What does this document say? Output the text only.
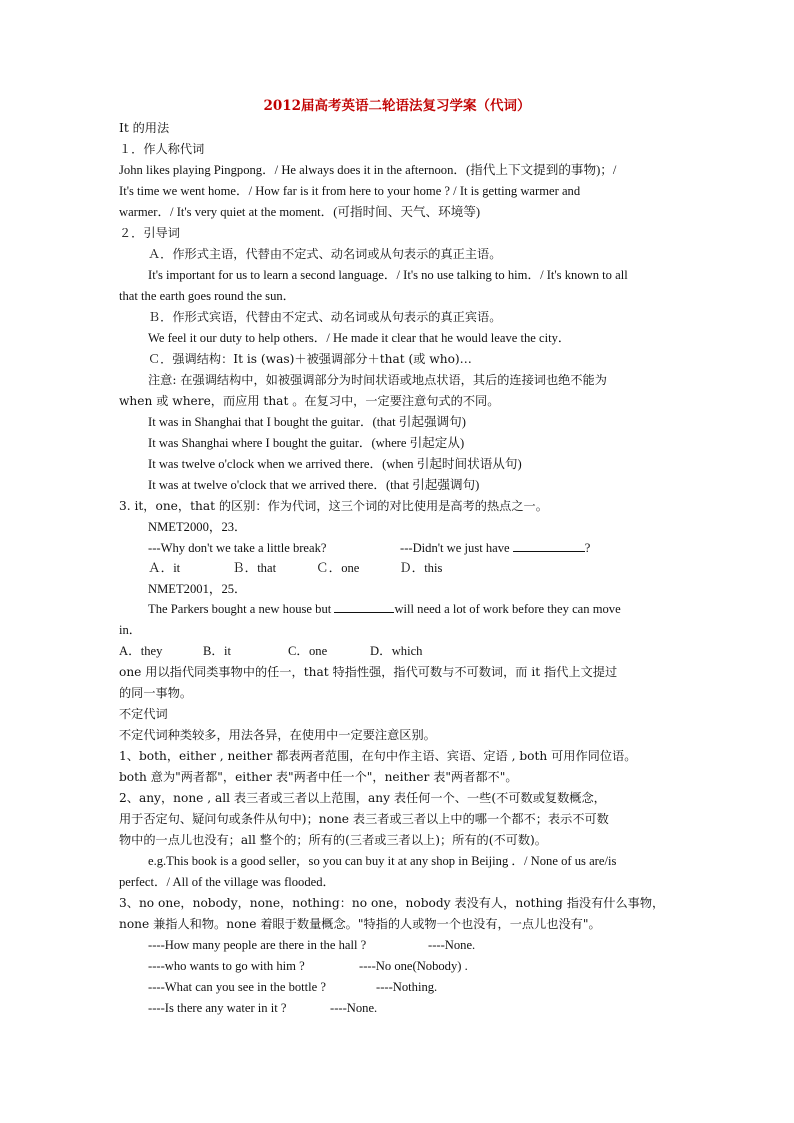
2012届高考英语二轮语法复习学案（代词）
It 的用法
１．作人称代词
John likes playing Pingpong．/ He always does it in the afternoon．(指代上下文提到的事物)；/
It's time we went home．/ How far is it from here to your home ? / It is getting warmer and
warmer．/ It's very quiet at the moment．(可指时间、天气、环境等)
２．引导词
Ａ．作形式主语，代替由不定式、动名词或从句表示的真正主语。
It's important for us to learn a second language．/ It's no use talking to him．/ It's known to all
that the earth goes round the sun．
Ｂ．作形式宾语，代替由不定式、动名词或从句表示的真正宾语。
We feel it our duty to help others．/ He made it clear that he would leave the city．
Ｃ．强调结构：It is (was)＋被强调部分＋that (或 who)…
注意: 在强调结构中，如被强调部分为时间状语或地点状语，其后的连接词也绝不能为
when 或 where，而应用 that 。在复习中，一定要注意句式的不同。
It was in Shanghai that I bought the guitar．(that 引起强调句)
It was Shanghai where I bought the guitar．(where 引起定从)
It was twelve o'clock when we arrived there．(when 引起时间状语从句)
It was at twelve o'clock that we arrived there．(that 引起强调句)
3. it，one，that 的区别：作为代词，这三个词的对比使用是高考的热点之一。
NMET2000，23．
---Why don't we take a little break?	---Didn't we just have	?
Ａ．it	Ｂ．that	Ｃ．one	Ｄ．this
NMET2001，25．
The Parkers bought a new house but	will need a lot of work before they can move
in．
A．they	B．it	C．one	D．which
one 用以指代同类事物中的任一，that 特指性强，指代可数与不可数词，而 it 指代上文提过
的同一事物。
不定代词
不定代词种类较多，用法各异，在使用中一定要注意区别。
1、both，either , neither 都表两者范围，在句中作主语、宾语、定语 , both 可用作同位语。
both 意为"两者都"，either 表"两者中任一个"，neither 表"两者都不"。
2、any，none , all 表三者或三者以上范围，any 表任何一个、一些(不可数或复数概念，
用于否定句、疑问句或条件从句中)；none 表三者或三者以上中的哪一个都不；表示不可数
物中的一点儿也没有；all 整个的；所有的(三者或三者以上)；所有的(不可数)。
e.g.This book is a good seller，so you can buy it at any shop in Beijing ．/ None of us are/is
perfect．/ All of the village was flooded．
3、no one，nobody，none，nothing：no one，nobody 表没有人，nothing 指没有什么事物，
none 兼指人和物。none 着眼于数量概念。"特指的人或物一个也没有，一点儿也没有"。
----How many people are there in the hall ?	----None.
----who wants to go with him ?	----No one(Nobody) .
----What can you see in the bottle ?	----Nothing.
----Is there any water in it ?	----None.
